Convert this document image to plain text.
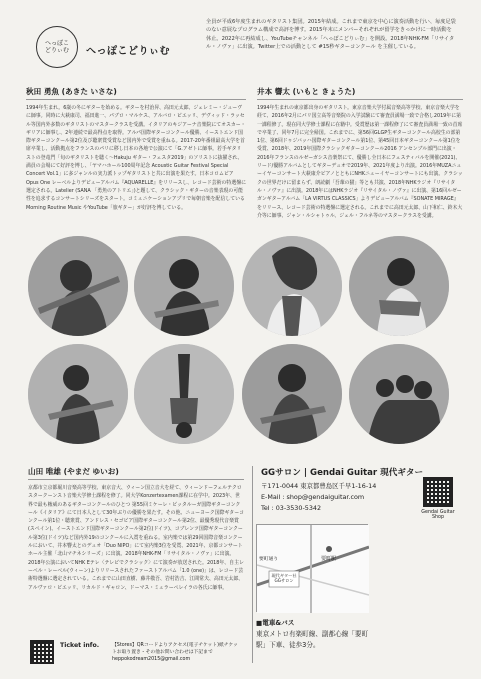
へっぽこ
どりぃむ へっぽこどりぃむ
全員が平成6年度生まれのギタリスト集団。2015年結成。これまで東京を中心に演奏活動を行い、毎度足袋のない意展なプログラム構成で高評を博す。2015年末にメンバーそれぞれが留学をきっかけに一時活動を休止。2022年に再結成し、YouTubeチャンネル「へっぽこどりぃむ」を開設。2018年NHK-FM「リサイタル・ノヴァ」に出演。Twitter上での活動として #15秒ギターコンクール を主催している。
秋田 勇魚 (あきた いさな)
1994年生まれ。6歳の冬にギターを始める。ギターを村治昇、高田元太郎、ジェレミー・ジューヴに師事。同時に大萩康司、福田進一、パブロ・マルケス、アルバロ・ピエッリ、デヴィッド・ラッセル等国内外多数のギタリストのマスタークラスを受講。イタリアのキジアーナ音楽院にてオスカー・ギリアに師事し、2年連続で最高得点を取得。アルパ国際ギターコンクール優勝、イーストエンド国際ギターコンクール第2位及び聴衆賞受賞など国内外で受賞を重ねる。2017-20年番組最高大学を首席卒業し、活動拠点をフランスのパリに移し日本の各地で公演にて「G.アゼトに師事。若手ギタリストの登竜門「旬のギタリストを聴く〜Hakuju ギター・フェスタ2019」のソリストに抜擢され、満員の会場にて好評を博し、「ヤマハホール100周年記念 Acoustic Guitar Festival Special Concert Vol.1」に多ジャンルの実力派トップギタリストと共に出演を果たす。日本コロムビア Opus One レーベルよりデビューアルバム『AQUARELLE』をリリースし、レコード芸術の特選盤に選定される。Latelier (SANA 「勇魚のアトリエ」)と題して、クラシック・ギターの音楽表現の可能性を追求するコンサートシリーズをスタート。コミュニケーションアプリで毎朝音楽を配信している Morning Routine Music やYouTube「旅ギター」が好評を博している。
井本 響太 (いもと きょうた)
1994年生まれの東京都出身のギタリスト。東京音楽大学付属音楽高等学校、東京音楽大学を経て、2016年2月にパリ国立高等音楽院の入学試験にて審査員満場一致で合格し2019年に第一課程修了。現在同大学修士課程に在籍中。受賞歴は第一課程修了にて審査員満場一致の首席で卒業了、同年7月に完全帰国。これまでに、第56回GLGP生ギターコンクール高校生の部第1位、第6回ドゥジバッハ国際ギターコンクール第1位、第45回日本ギターコンクール第1位を受賞、2018年、2019年国際クラシックギターコンクール2016 アンセンブル部門に出演・2016年フランスのルゼーガシス音楽祭にて、優勝し全日本にフェスティバルを開催(2021)、リード/優勝アルバムとしてギターデュオで2019年、2021年度より出演。2016年MUZAニューイヤーコンサート大萩康介ピアノとともにNHKニューイヤーコンサートにも出演。クラシックの世界だけに留まらず、朗読劇「吾輩の猫」等とも共演、2018年NHKラジオ『リサイタル・ノヴァ』に出演。2018年にはNHKラジオ『リサイタル・ノヴァ』に出演、第16回ルゼーガンギターアルバム「LA VIRTUS CLASSICS」よりデビューアルバム『SONATE MIRAGE』をリリース、レコード芸術の特選盤に選定される。これまでに高田元太郎、山下和仁、鈴木大介等に師事、ジャン・ルシャトゥル、ジェル・フルネ等のマスタークラスを受講。
山田 唯雄 (やまだ ゆいお)
京都市立京都堀川音楽高等学校、東京音大、ウィーン国立音大を経て、ウィーンドーフェルテクロスタークーンスト音楽大学修士課程を修了。同大学Konzertexamen課程に在学中。2023年、世界で最も権威のあるギターコンクールのひとつ 第55回ミケーレ・ピッタルーガ国際ギターコンクール《イタリア》にて日本人として30年ぶりの優勝を果たす。その他、ニューヨーク国際ギターコンクール第1位・聴衆賞、アンドレス・セゴビア国際ギターコンクール第2位、最優秀現代音楽賞(スペイン)、イーストエンド国際ギターコンクール第2位(ドイツ)、コブレンツ国際ギターコンクール第3位(ドイツ)など国内外19のコンクールに入賞を重ねる。室内楽では第29回国際音楽コンクールにおいて、井本響太とのデュオ「Duo NIPO」にて室内楽3位を受賞、2021年、京都コンサートホール主催「北山マチネシリーズ」に出演。2018年NHK-FM「リサイタル・ノヴァ」に出演。2018年公演においてNHK Eテレ〈テレビでクラシック〉にて演奏が放送された。2018年、自主レーベル・レーベル(ウィーン)よりリリースされたファーストアルバム「1.0 (one)」は、レコード芸術特選盤に選定されている。これまでに山田直樹、藤井敬吾、岩村浩吉、江間常夫、高田元太郎、アルヴァロ・ピエッリ、リカルド・ギャロン、ドーマス・ミュラーペレイラの各氏に師事。
GGサロン | Gendai Guitar 現代ギター
〒171-0044 東京都豊島区千早1-16-14
E-Mail : shop@gendaiguitar.com
Tel : 03-3530-5342
Gendai Guitar Shop
要町駅
要町通り
現代ギター社 GGサロン
■電車&バス
東京メトロ有楽町線、副都心線「要町駅」下車、徒歩3分。
Ticket info.	【Stores】QRコードよりアクセス(電子チケット)紙チケットお取り置き・その他お問い合わせは下記までheppokodream2015@gmail.com
